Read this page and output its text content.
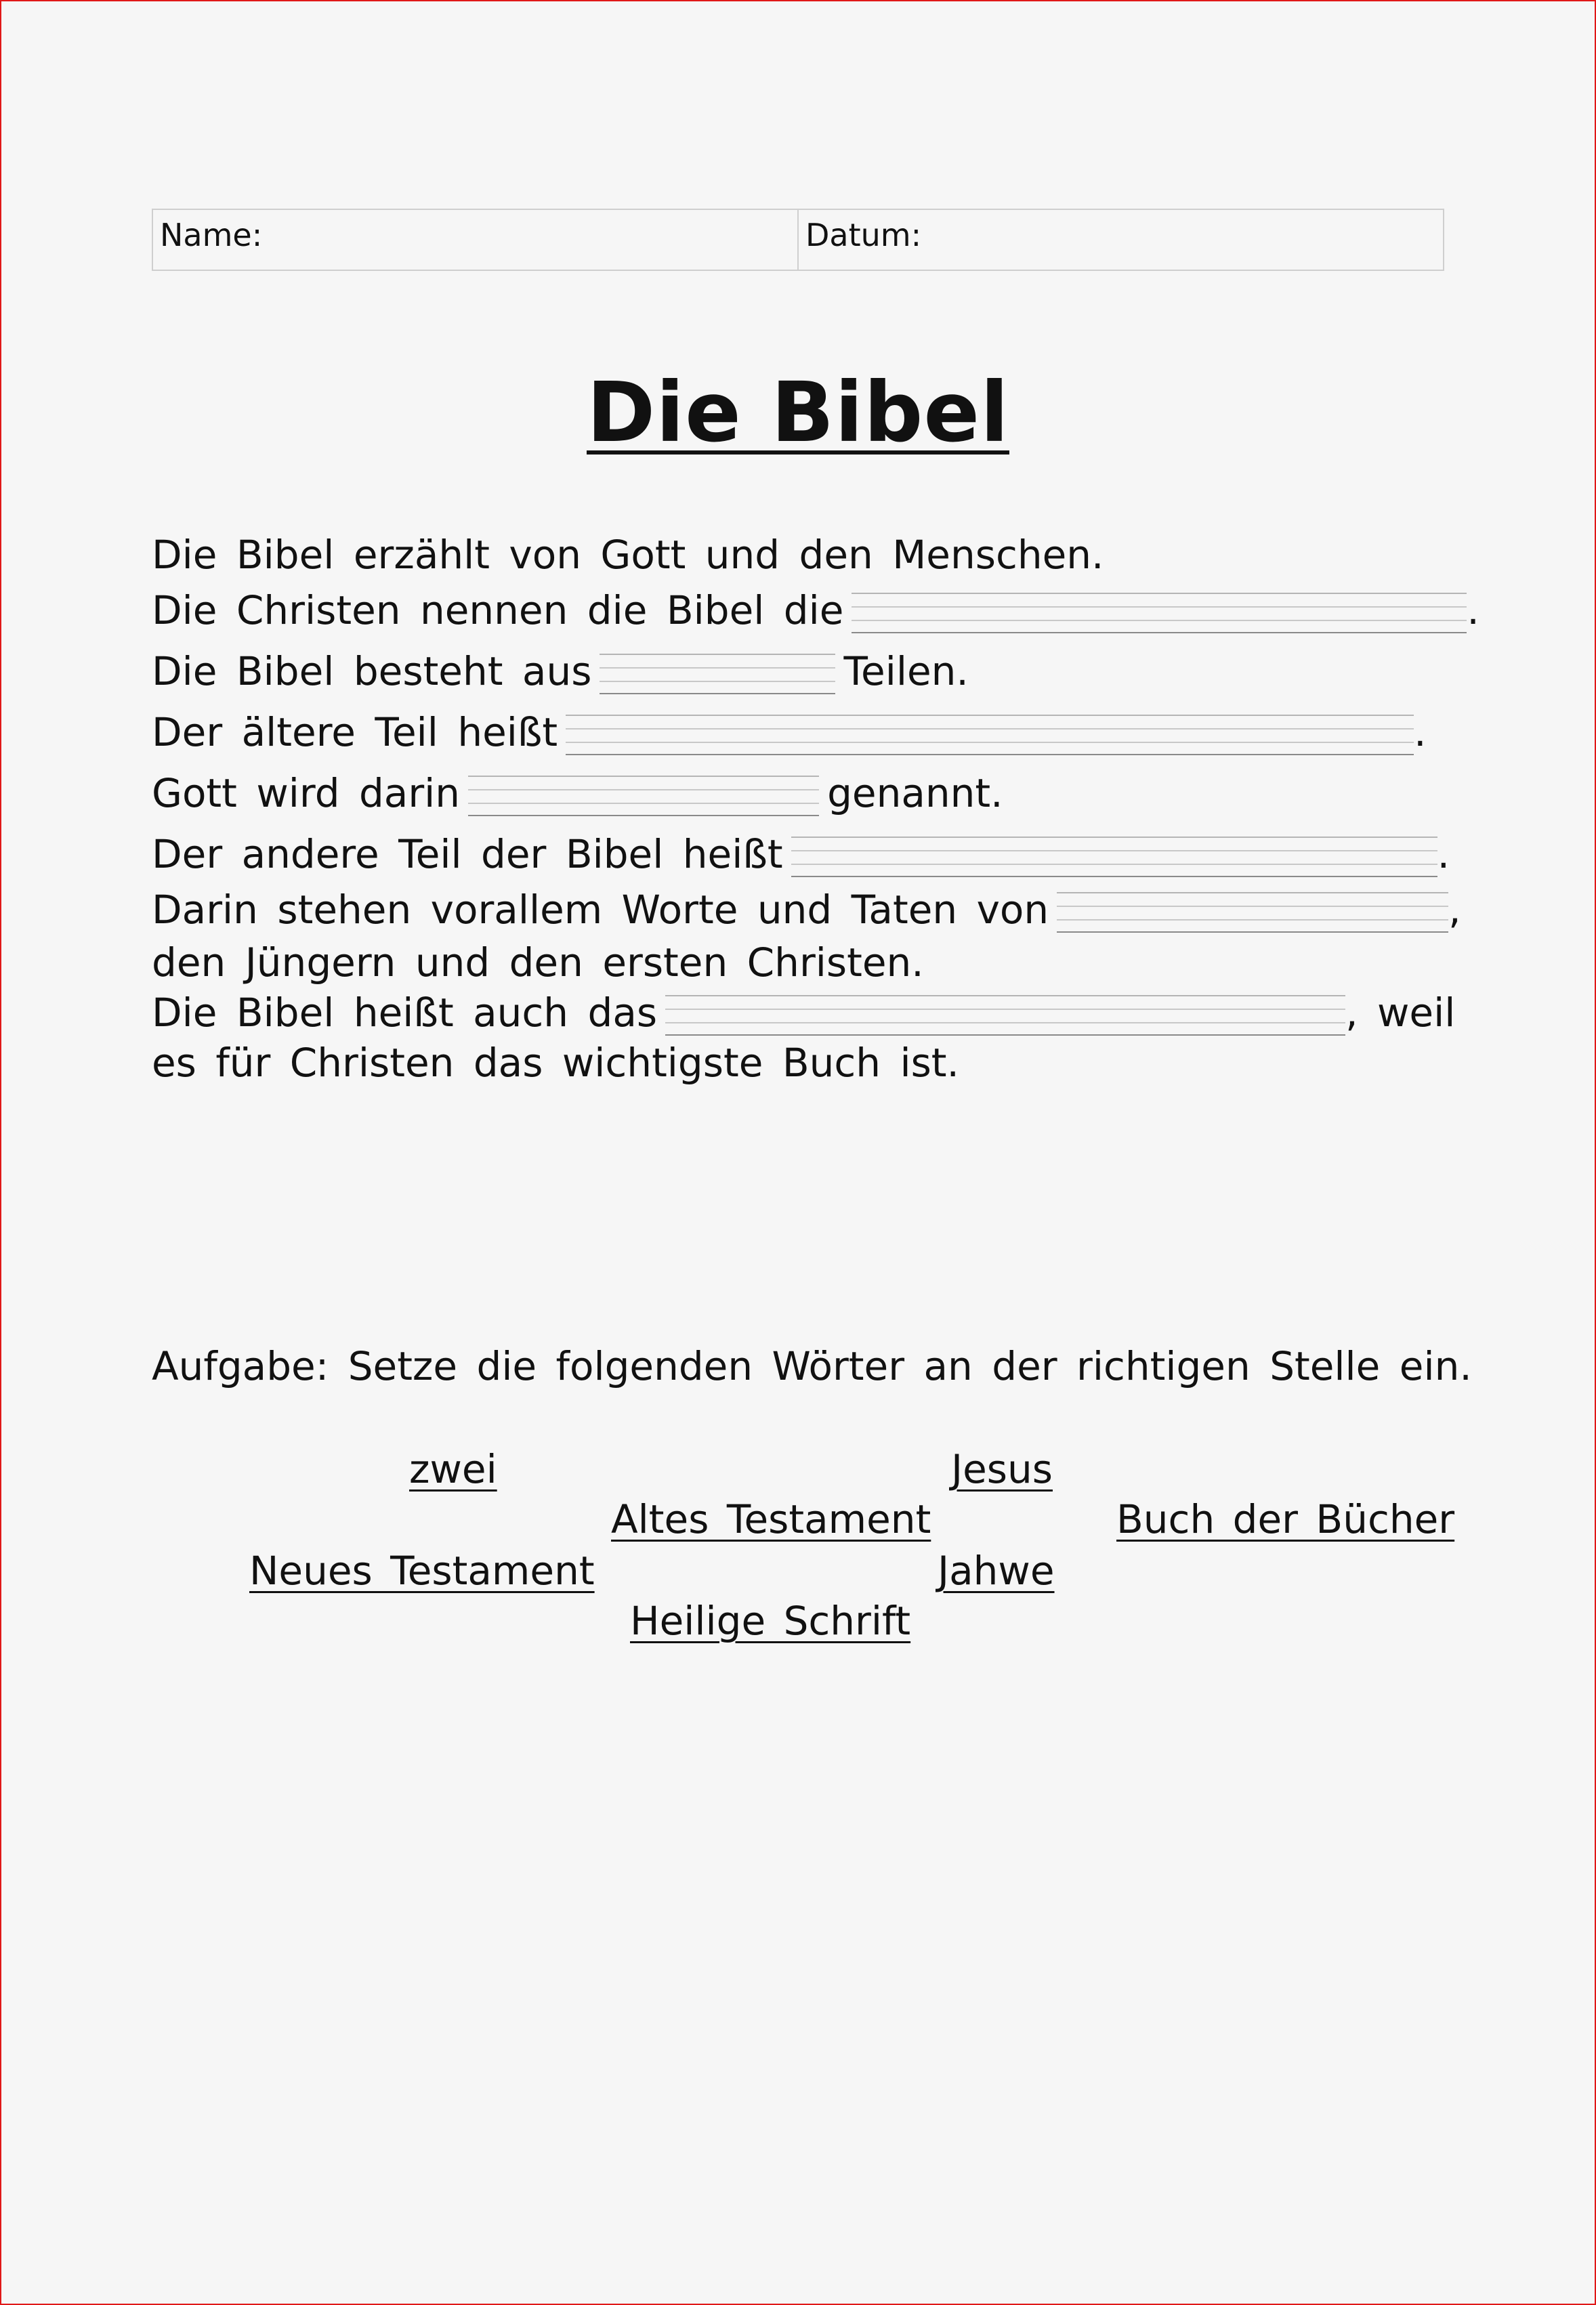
Name:	Datum:
Die Bibel
Die Bibel erzählt von Gott und den Menschen.
Die Christen nennen die Bibel die	.
Die Bibel besteht aus	Teilen.
Der ältere Teil heißt	.
Gott wird darin	genannt.
Der andere Teil der Bibel heißt	.
Darin stehen vorallem Worte und Taten von	,
den Jüngern und den ersten Christen.
Die Bibel heißt auch das	, weil
es für Christen das wichtigste Buch ist.
Aufgabe: Setze die folgenden Wörter an der richtigen Stelle ein.
zwei	Jesus
Altes Testament	Buch der Bücher
Neues Testament	Jahwe
Heilige Schrift
